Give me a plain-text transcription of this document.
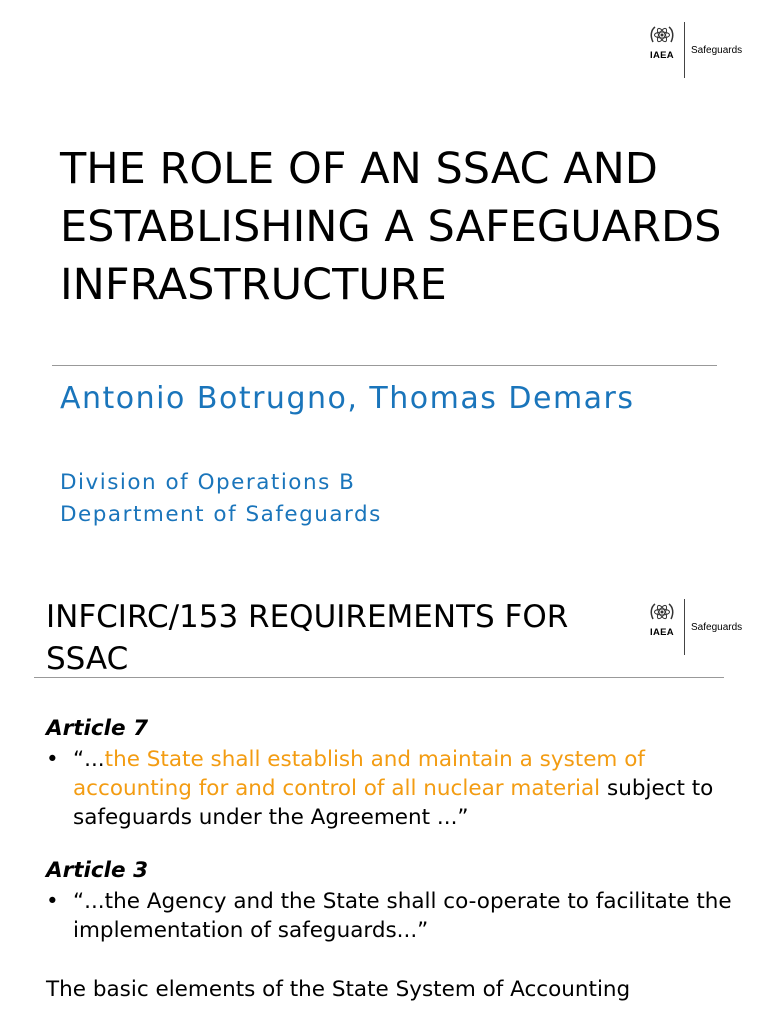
IAEA Safeguards
THE ROLE OF AN SSAC AND ESTABLISHING A SAFEGUARDS INFRASTRUCTURE
Antonio Botrugno, Thomas Demars
Division of Operations B
Department of Safeguards
INFCIRC/153 REQUIREMENTS FOR SSAC
IAEA Safeguards

Article 7

• “...the State shall establish and maintain a system of accounting for and control of all nuclear material subject to safeguards under the Agreement ...”

Article 3

• “...the Agency and the State shall co-operate to facilitate the implementation of safeguards...”
The basic elements of the State System of Accounting
